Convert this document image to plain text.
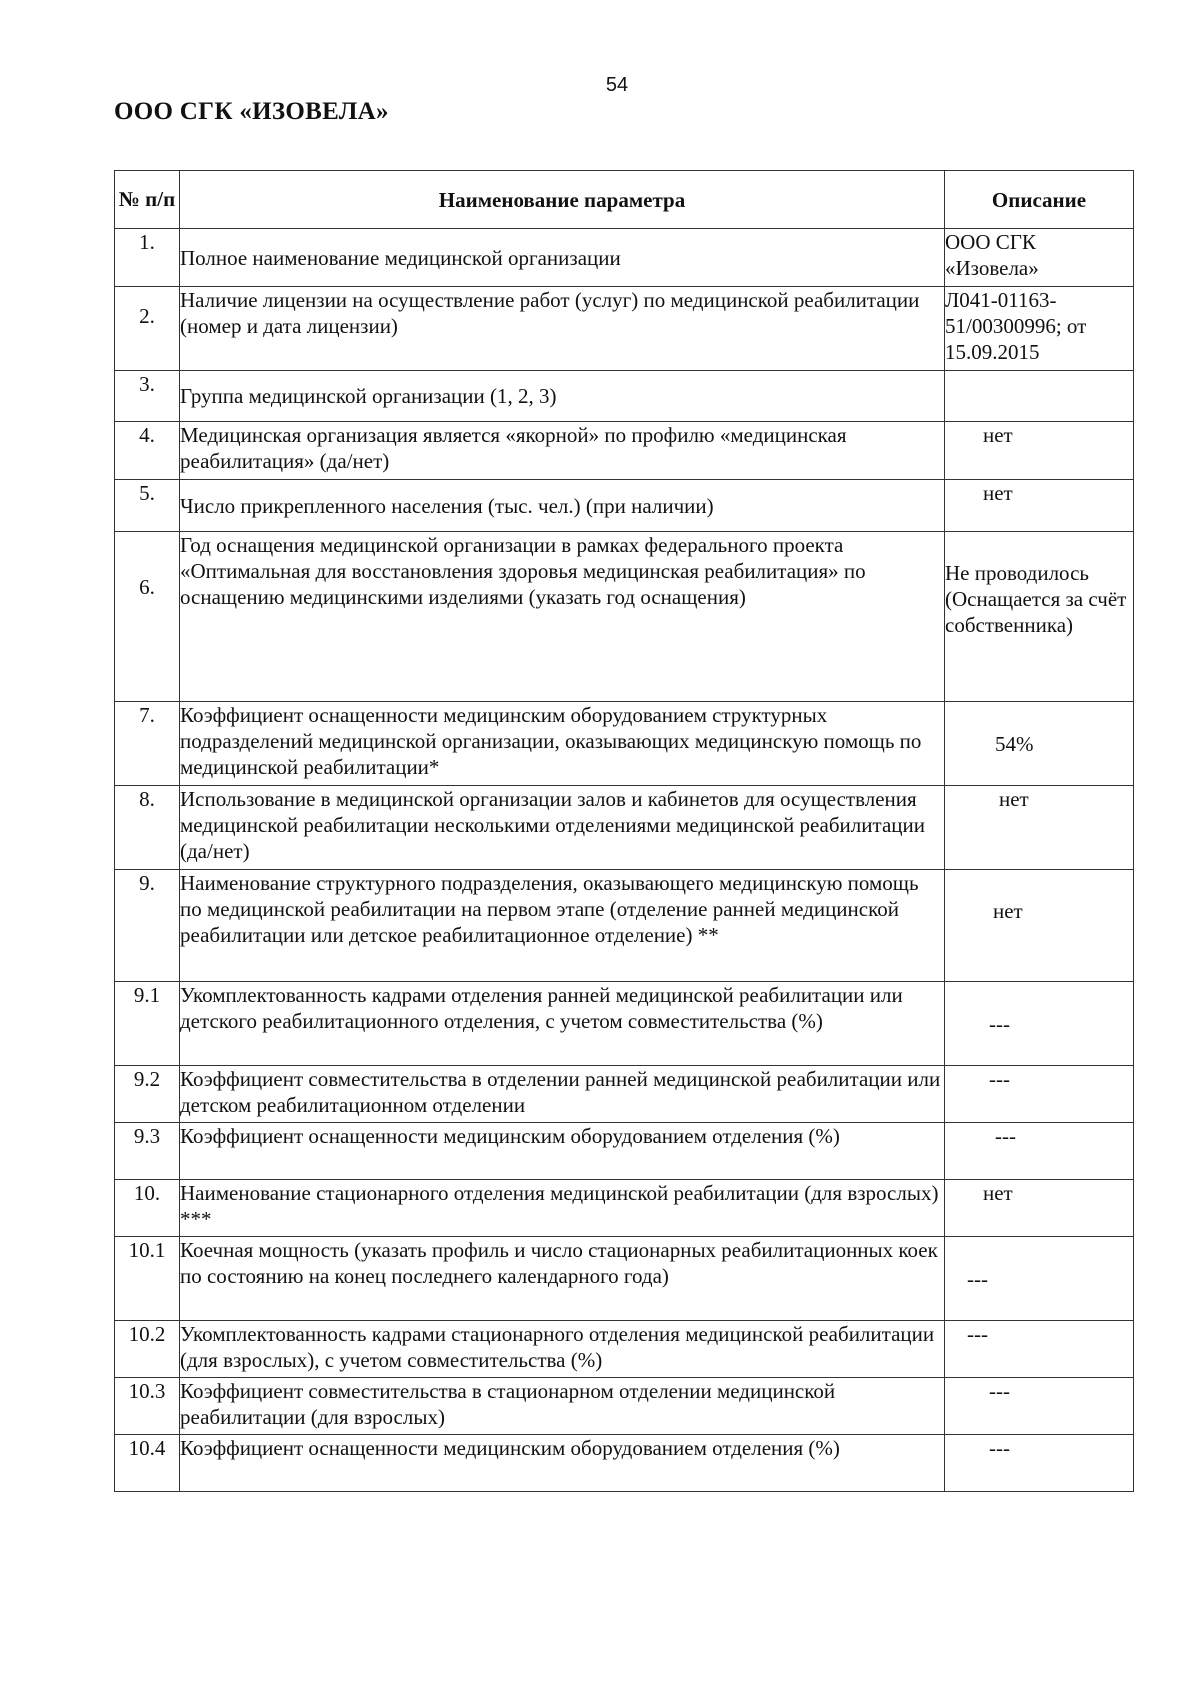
54
ООО СГК «ИЗОВЕЛА»
№ п/п	Наименование параметра	Описание
1.	Полное наименование медицинской организации	ООО СГК «Изовела»
2.	Наличие лицензии на осуществление работ (услуг) по медицинской реабилитации (номер и дата лицензии)	Л041-01163-51/00300996; от 15.09.2015
3.	Группа медицинской организации (1, 2, 3)	
4.	Медицинская организация является «якорной» по профилю «медицинская реабилитация» (да/нет)	нет
5.	Число прикрепленного населения (тыс. чел.) (при наличии)	нет
6.	Год оснащения медицинской организации в рамках федерального проекта «Оптимальная для восстановления здоровья медицинская реабилитация» по оснащению медицинскими изделиями (указать год оснащения)	Не проводилось (Оснащается за счёт собственника)
7.	Коэффициент оснащенности медицинским оборудованием структурных подразделений медицинской организации, оказывающих медицинскую помощь по медицинской реабилитации*	54%
8.	Использование в медицинской организации залов и кабинетов для осуществления медицинской реабилитации несколькими отделениями медицинской реабилитации (да/нет)	нет
9.	Наименование структурного подразделения, оказывающего медицинскую помощь по медицинской реабилитации на первом этапе (отделение ранней медицинской реабилитации или детское реабилитационное отделение) **	нет
9.1	Укомплектованность кадрами отделения ранней медицинской реабилитации или детского реабилитационного отделения, с учетом совместительства (%)	---
9.2	Коэффициент совместительства в отделении ранней медицинской реабилитации или детском реабилитационном отделении	---
9.3	Коэффициент оснащенности медицинским оборудованием отделения (%)	---
10.	Наименование стационарного отделения медицинской реабилитации (для взрослых) ***	нет
10.1	Коечная мощность (указать профиль и число стационарных реабилитационных коек по состоянию на конец последнего календарного года)	---
10.2	Укомплектованность кадрами стационарного отделения медицинской реабилитации (для взрослых), с учетом совместительства (%)	---
10.3	Коэффициент совместительства в стационарном отделении медицинской реабилитации (для взрослых)	---
10.4	Коэффициент оснащенности медицинским оборудованием отделения (%)	---
